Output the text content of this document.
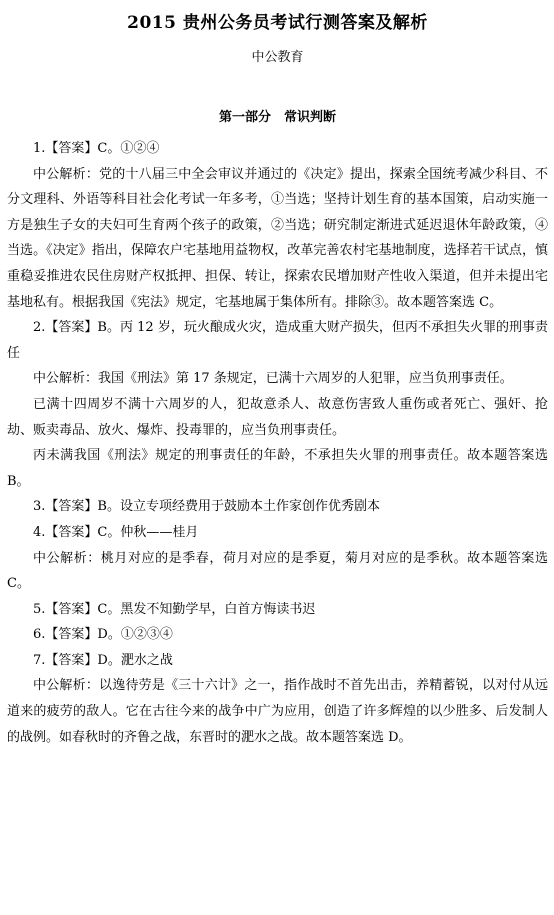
2015 贵州公务员考试行测答案及解析
中公教育
第一部分　常识判断

1.【答案】C。①②④

中公解析：党的十八届三中全会审议并通过的《决定》提出，探索全国统考减少科目、不分文理科、外语等科目社会化考试一年多考，①当选；坚持计划生育的基本国策，启动实施一方是独生子女的夫妇可生育两个孩子的政策，②当选；研究制定渐进式延迟退休年龄政策，④当选。《决定》指出，保障农户宅基地用益物权，改革完善农村宅基地制度，选择若干试点，慎重稳妥推进农民住房财产权抵押、担保、转让，探索农民增加财产性收入渠道，但并未提出宅基地私有。根据我国《宪法》规定，宅基地属于集体所有。排除③。故本题答案选 C。

2.【答案】B。丙 12 岁，玩火酿成火灾，造成重大财产损失，但丙不承担失火罪的刑事责任

中公解析：我国《刑法》第 17 条规定，已满十六周岁的人犯罪，应当负刑事责任。

已满十四周岁不满十六周岁的人，犯故意杀人、故意伤害致人重伤或者死亡、强奸、抢劫、贩卖毒品、放火、爆炸、投毒罪的，应当负刑事责任。

丙未满我国《刑法》规定的刑事责任的年龄，不承担失火罪的刑事责任。故本题答案选 B。

3.【答案】B。设立专项经费用于鼓励本土作家创作优秀剧本

4.【答案】C。仲秋——桂月

中公解析：桃月对应的是季春，荷月对应的是季夏，菊月对应的是季秋。故本题答案选 C。

5.【答案】C。黑发不知勤学早，白首方悔读书迟

6.【答案】D。①②③④

7.【答案】D。淝水之战

中公解析：以逸待劳是《三十六计》之一，指作战时不首先出击，养精蓄锐，以对付从远道来的疲劳的敌人。它在古往今来的战争中广为应用，创造了许多辉煌的以少胜多、后发制人的战例。如春秋时的齐鲁之战，东晋时的淝水之战。故本题答案选 D。
